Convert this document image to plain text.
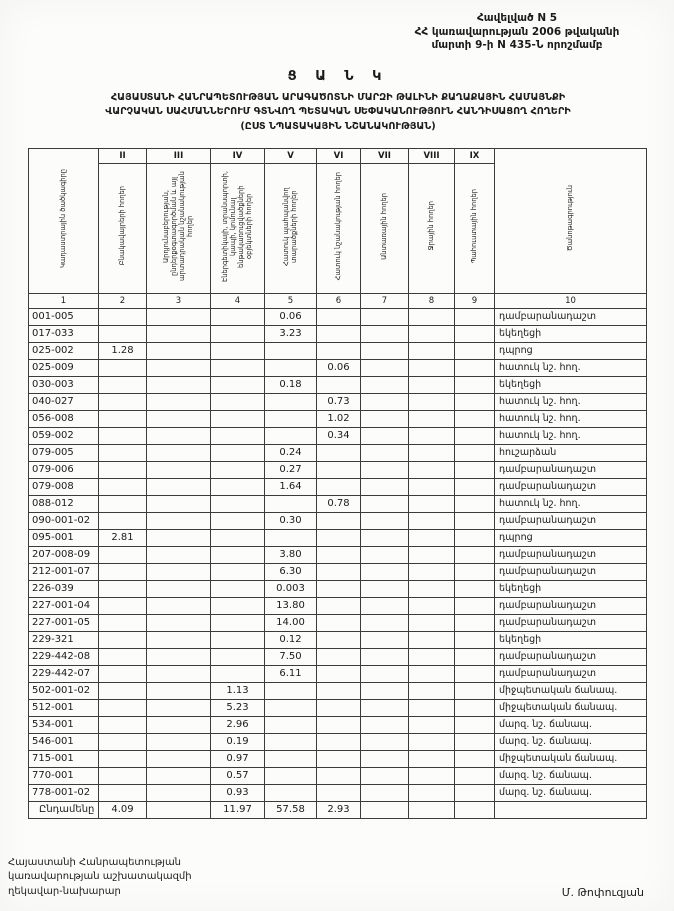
Հավելված N 5
ՀՀ կառավարության 2006 թվականի
մարտի 9-ի N 435-Ն որոշմամբ
Ց Ա Ն Կ
ՀԱՅԱՍՏԱՆԻ ՀԱՆՐԱՊԵՏՈՒԹՅԱՆ ԱՐԱԳԱԾՈՏՆԻ ՄԱՐԶԻ ԹԱԼԻՆԻ ՔԱՂԱՔԱՅԻՆ ՀԱՄԱՅՆՔԻ
ՎԱՐՉԱԿԱՆ ՍԱՀՄԱՆՆԵՐՈՒՄ ԳՏՆՎՈՂ ՊԵՏԱԿԱՆ ՍԵՓԱԿԱՆՈՒԹՅՈՒՆ ՀԱՆԴԻՍԱՑՈՂ ՀՈՂԵՐԻ
(ԸՍՏ ՆՊԱՏԱԿԱՅԻՆ ՆՇԱՆԱԿՈՒԹՅԱՆ)
Կադաստրային ծածկագիրը	II	III	IV	V	VI	VII	VIII	IX	Ծանոթագրություն
	Բնակավայրերի հողեր	Արդյունաբերության, ընդերքօգտագործման և այլ արտադրական նշանակության հողեր	Էներգետիկայի, տրանսպորտի, կապի, կոմունալ ենթակառուցվածքների օբյեկտների հողեր	Հատուկ պահպանվող տարածքների հողեր	Հատուկ նշանակության հողեր	Անտառային հողեր	Ջրային հողեր	Պահուստային հողեր	
1	2	3	4	5	6	7	8	9	10
001-005				0.06					դամբարանադաշտ
017-033				3.23					եկեղեցի
025-002	1.28								դպրոց
025-009					0.06				հատուկ նշ. հող.
030-003				0.18					եկեղեցի
040-027					0.73				հատուկ նշ. հող.
056-008					1.02				հատուկ նշ. հող.
059-002					0.34				հատուկ նշ. հող.
079-005				0.24					հուշարձան
079-006				0.27					դամբարանադաշտ
079-008				1.64					դամբարանադաշտ
088-012					0.78				հատուկ նշ. հող.
090-001-02				0.30					դամբարանադաշտ
095-001	2.81								դպրոց
207-008-09				3.80					դամբարանադաշտ
212-001-07				6.30					դամբարանադաշտ
226-039				0.003					եկեղեցի
227-001-04				13.80					դամբարանադաշտ
227-001-05				14.00					դամբարանադաշտ
229-321				0.12					եկեղեցի
229-442-08				7.50					դամբարանադաշտ
229-442-07				6.11					դամբարանադաշտ
502-001-02			1.13						միջպետական ճանապ.
512-001			5.23						միջպետական ճանապ.
534-001			2.96						մարզ. նշ. ճանապ.
546-001			0.19						մարզ. նշ. ճանապ.
715-001			0.97						միջպետական ճանապ.
770-001			0.57						մարզ. նշ. ճանապ.
778-001-02			0.93						մարզ. նշ. ճանապ.
Ընդամենը	4.09		11.97	57.58	2.93				
Հայաստանի Հանրապետության
կառավարության աշխատակազմի
ղեկավար-նախարար	Մ. Թոփուզյան
